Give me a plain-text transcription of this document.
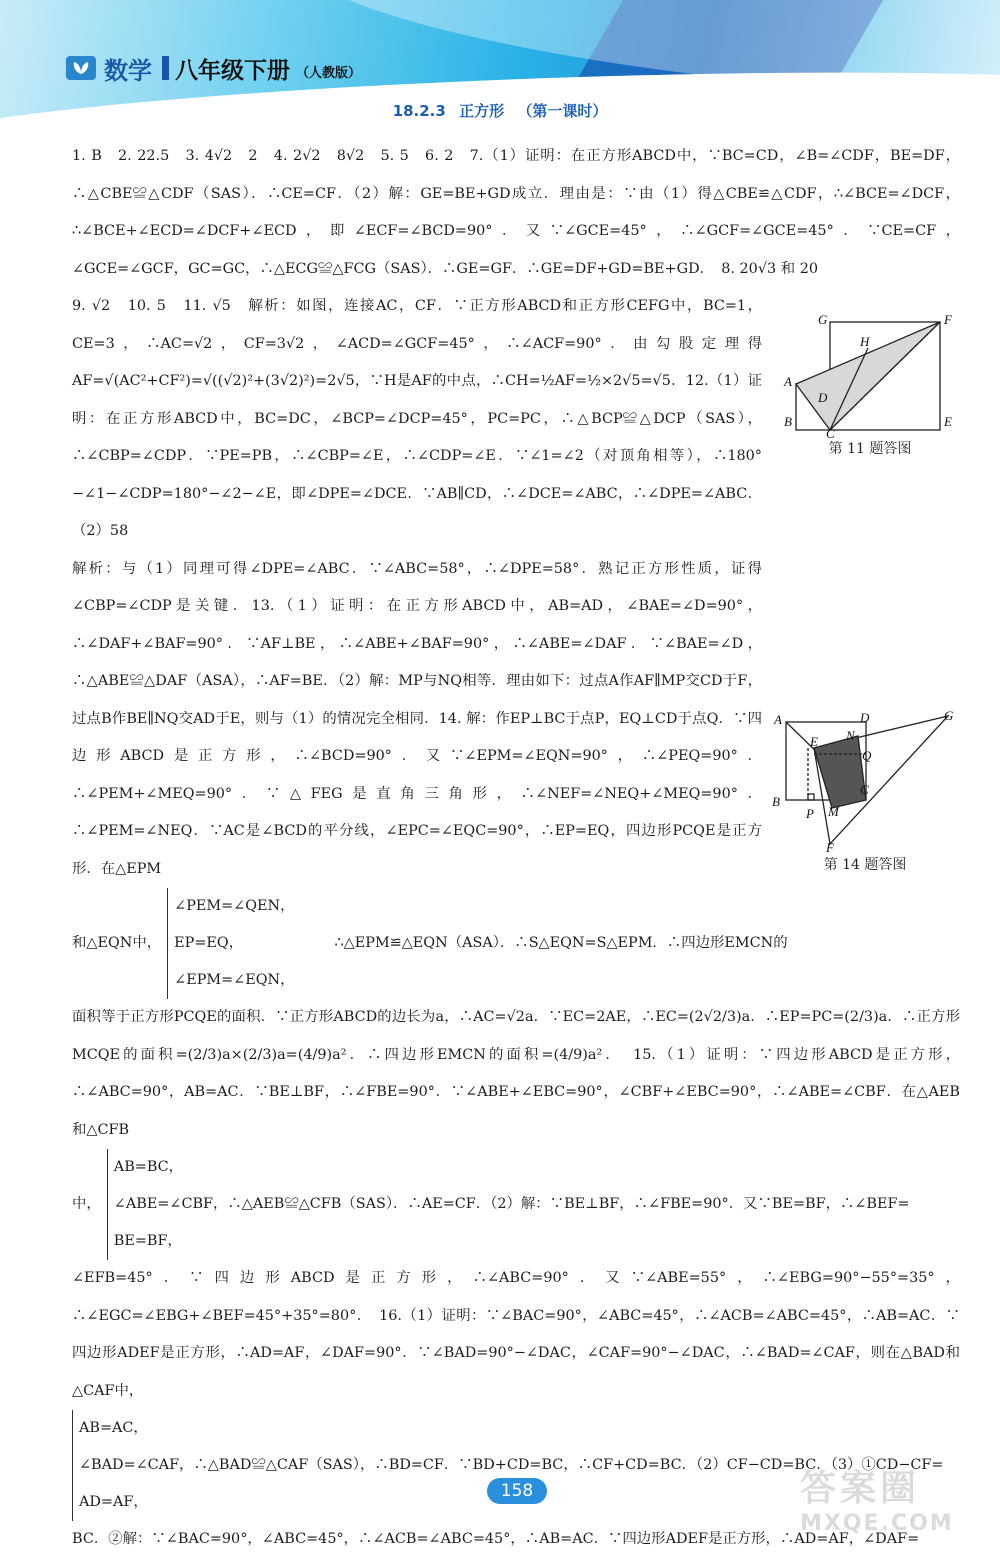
数学 八年级下册 （人教版）
18.2.3 正方形 （第一课时）

1. B　2. 22.5　3. 4√2　2　4. 2√2　8√2　5. 5　6. 2　7.（1）证明：在正方形ABCD中，∵BC=CD，∠B=∠CDF，BE=DF，∴△CBE≌△CDF（SAS）．∴CE=CF．（2）解：GE=BE+GD成立．理由是：∵由（1）得△CBE≌△CDF，∴∠BCE=∠DCF，∴∠BCE+∠ECD=∠DCF+∠ECD，即∠ECF=∠BCD=90°．又∵∠GCE=45°，∴∠GCF=∠GCE=45°．∵CE=CF，∠GCE=∠GCF，GC=GC，∴△ECG≌△FCG（SAS）．∴GE=GF．∴GE=DF+GD=BE+GD．　8. 20√3 和 20

9. √2　10. 5　11. √5　解析：如图，连接AC，CF．∵正方形ABCD和正方形CEFG中，BC=1，CE=3，∴AC=√2，CF=3√2，∠ACD=∠GCF=45°，∴∠ACF=90°．由勾股定理得AF=√(AC²+CF²)=√((√2)²+(3√2)²)=2√5，∵H是AF的中点，∴CH=½AF=½×2√5=√5．12.（1）证明：在正方形ABCD中，BC=DC，∠BCP=∠DCP=45°，PC=PC，∴△BCP≌△DCP（SAS），∴∠CBP=∠CDP．∵PE=PB，∴∠CBP=∠E，∴∠CDP=∠E．∵∠1=∠2（对顶角相等），∴180°−∠1−∠CDP=180°−∠2−∠E，即∠DPE=∠DCE．∵AB∥CD，∴∠DCE=∠ABC，∴∠DPE=∠ABC．（2）58

解析：与（1）同理可得∠DPE=∠ABC．∵∠ABC=58°，∴∠DPE=58°．熟记正方形性质，证得∠CBP=∠CDP是关键．13.（1）证明：在正方形ABCD中，AB=AD，∠BAE=∠D=90°，∴∠DAF+∠BAF=90°．∵AF⊥BE，∴∠ABE+∠BAF=90°，∴∠ABE=∠DAF．∵∠BAE=∠D，∴△ABE≌△DAF（ASA），∴AF=BE．（2）解：MP与NQ相等．理由如下：过点A作AF∥MP交CD于F，过点B作BE∥NQ交AD于E，则与（1）的情况完全相同．14. 解：作EP⊥BC于点P，EQ⊥CD于点Q．∵四边形ABCD是正方形，∴∠BCD=90°．又∵∠EPM=∠EQN=90°，∴∠PEQ=90°．∴∠PEM+∠MEQ=90°．∵△FEG是直角三角形，∴∠NEF=∠NEQ+∠MEQ=90°．∴∠PEM=∠NEQ．∵AC是∠BCD的平分线，∠EPC=∠EQC=90°，∴EP=EQ，四边形PCQE是正方形．在△EPM

和△EQN中，
∠PEM=∠QEN，
EP=EQ，
∠EPM=∠EQN，
∴△EPM≌△EQN（ASA）．∴S△EQN=S△EPM．∴四边形EMCN的

面积等于正方形PCQE的面积．∵正方形ABCD的边长为a，∴AC=√2a．∵EC=2AE，∴EC=(2√2/3)a．∴EP=PC=(2/3)a．∴正方形MCQE的面积=(2/3)a×(2/3)a=(4/9)a²．∴四边形EMCN的面积=(4/9)a²．　15.（1）证明：∵四边形ABCD是正方形，∴∠ABC=90°，AB=AC．∵BE⊥BF，∴∠FBE=90°．∵∠ABE+∠EBC=90°，∠CBF+∠EBC=90°，∴∠ABE=∠CBF．在△AEB和△CFB

中，
AB=BC，
∠ABE=∠CBF，∴△AEB≌△CFB（SAS）．∴AE=CF．（2）解：∵BE⊥BF，∴∠FBE=90°．又∵BE=BF，∴∠BEF=
BE=BF，

∠EFB=45°．∵四边形ABCD是正方形，∴∠ABC=90°．又∵∠ABE=55°，∴∠EBG=90°−55°=35°，∴∠EGC=∠EBG+∠BEF=45°+35°=80°．　16.（1）证明：∵∠BAC=90°，∠ABC=45°，∴∠ACB=∠ABC=45°，∴AB=AC．∵四边形ADEF是正方形，∴AD=AF，∠DAF=90°．∵∠BAD=90°−∠DAC，∠CAF=90°−∠DAC，∴∠BAD=∠CAF，则在△BAD和△CAF中，

AB=AC，
∠BAD=∠CAF，∴△BAD≌△CAF（SAS），∴BD=CF．∵BD+CD=BC，∴CF+CD=BC．（2）CF−CD=BC．（3）①CD−CF=
AD=AF，

BC．②解：∵∠BAC=90°，∠ABC=45°，∴∠ACB=∠ABC=45°，∴AB=AC．∵四边形ADEF是正方形，∴AD=AF，∠DAF=

G	F
H
A
D
B
C
E
第 11 题答图
A	D	G
E N
Q
C
B
P M
F
第 14 题答图
158	答案圈
MXQE.COM
